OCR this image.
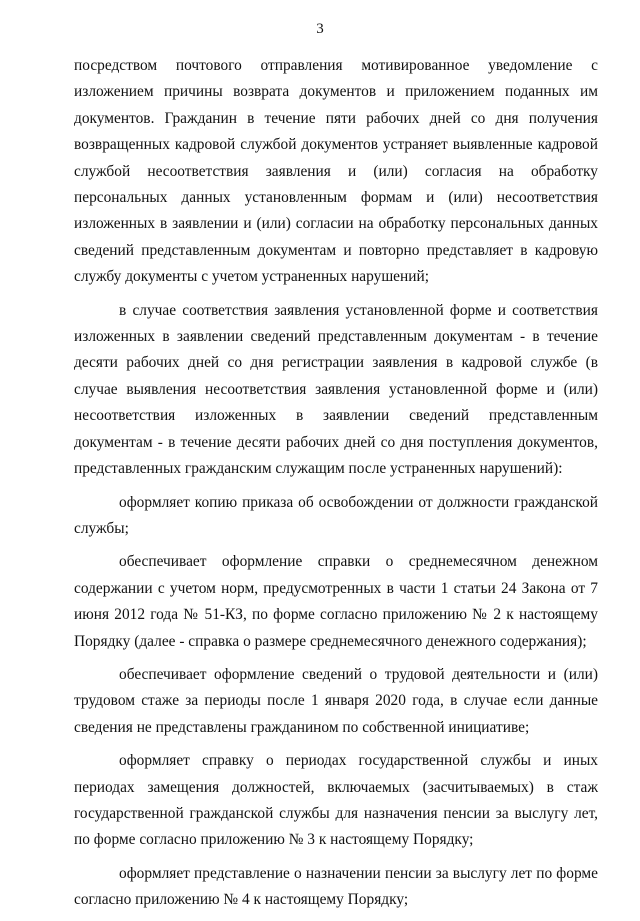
3

посредством почтового отправления мотивированное уведомление с изложением причины возврата документов и приложением поданных им документов. Гражданин в течение пяти рабочих дней со дня получения возвращенных кадровой службой документов устраняет выявленные кадровой службой несоответствия заявления и (или) согласия на обработку персональных данных установленным формам и (или) несоответствия изложенных в заявлении и (или) согласии на обработку персональных данных сведений представленным документам и повторно представляет в кадровую службу документы с учетом устраненных нарушений;

в случае соответствия заявления установленной форме и соответствия изложенных в заявлении сведений представленным документам - в течение десяти рабочих дней со дня регистрации заявления в кадровой службе (в случае выявления несоответствия заявления установленной форме и (или) несоответствия изложенных в заявлении сведений представленным документам - в течение десяти рабочих дней со дня поступления документов, представленных гражданским служащим после устраненных нарушений):

оформляет копию приказа об освобождении от должности гражданской службы;

обеспечивает оформление справки о среднемесячном денежном содержании с учетом норм, предусмотренных в части 1 статьи 24 Закона от 7 июня 2012 года № 51-КЗ, по форме согласно приложению № 2 к настоящему Порядку (далее - справка о размере среднемесячного денежного содержания);

обеспечивает оформление сведений о трудовой деятельности и (или) трудовом стаже за периоды после 1 января 2020 года, в случае если данные сведения не представлены гражданином по собственной инициативе;

оформляет справку о периодах государственной службы и иных периодах замещения должностей, включаемых (засчитываемых) в стаж государственной гражданской службы для назначения пенсии за выслугу лет, по форме согласно приложению № 3 к настоящему Порядку;

оформляет представление о назначении пенсии за выслугу лет по форме согласно приложению № 4 к настоящему Порядку;
